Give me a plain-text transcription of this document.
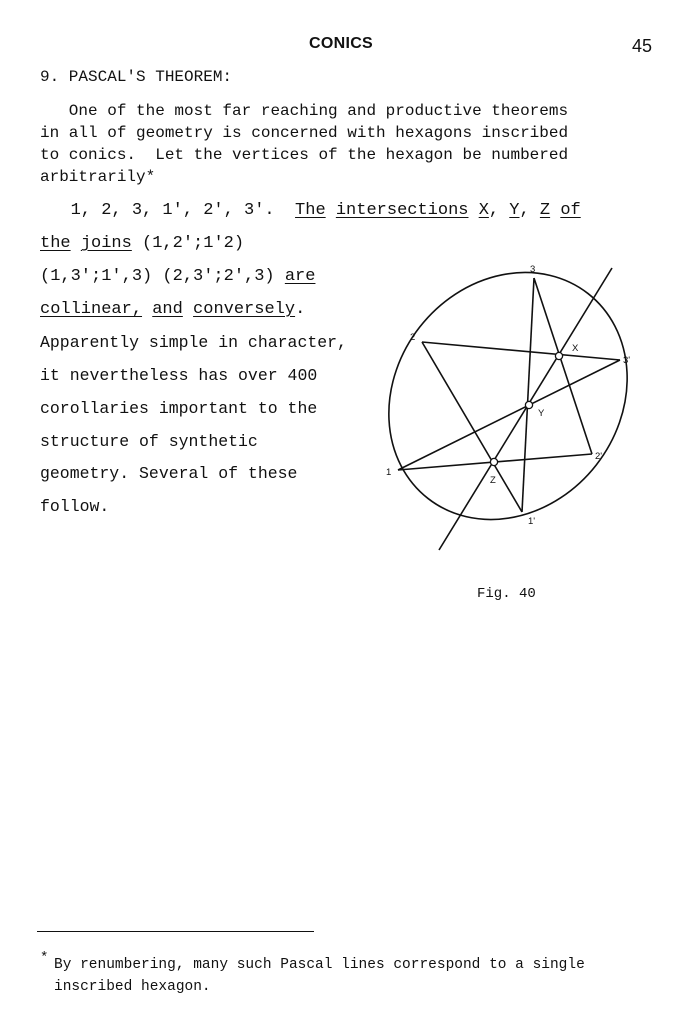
CONICS	45
9. PASCAL'S THEOREM:
One of the most far reaching and productive theorems
in all of geometry is concerned with hexagons inscribed
to conics.  Let the vertices of the hexagon be numbered
arbitrarily*
1, 2, 3, 1', 2', 3'. The intersections X, Y, Z of
the joins (1,2';1'2)
(1,3';1',3) (2,3';2',3) are
collinear, and conversely.
Apparently simple in character,
it nevertheless has over 400
corollaries important to the
structure of synthetic
geometry. Several of these
follow.
Fig. 40
* By renumbering, many such Pascal lines correspond to a single
inscribed hexagon.
3
2
3'
2'
1
1'
X
Y
Z
